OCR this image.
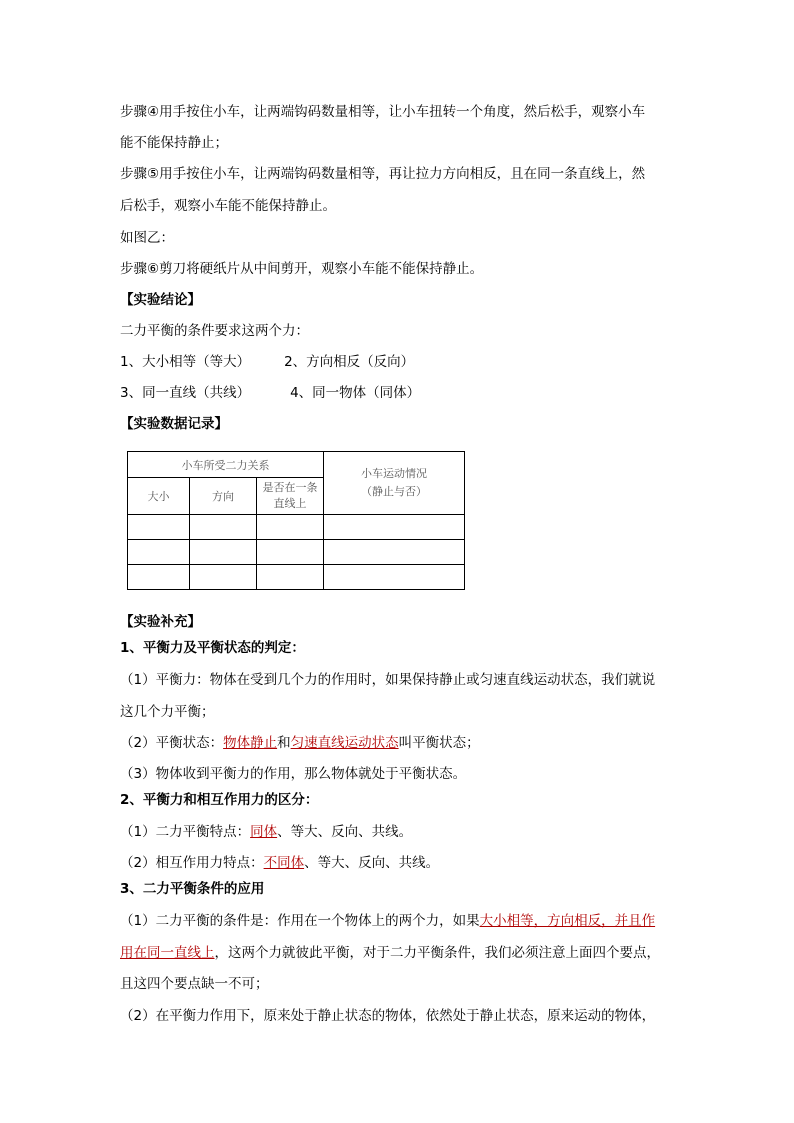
步骤④用手按住小车，让两端钩码数量相等，让小车扭转一个角度，然后松手，观察小车
能不能保持静止；
步骤⑤用手按住小车，让两端钩码数量相等，再让拉力方向相反，且在同一条直线上，然
后松手，观察小车能不能保持静止。
如图乙：
步骤⑥剪刀将硬纸片从中间剪开，观察小车能不能保持静止。
【实验结论】
二力平衡的条件要求这两个力：
1、大小相等（等大）	2、方向相反（反向）
3、同一直线（共线）	4、同一物体（同体）
【实验数据记录】
小车所受二力关系			小车运动情况
（静止与否）
大小	方向	是否在一条
直线上	

【实验补充】
1、平衡力及平衡状态的判定：
（1）平衡力：物体在受到几个力的作用时，如果保持静止或匀速直线运动状态，我们就说
这几个力平衡；
（2）平衡状态：物体静止和匀速直线运动状态叫平衡状态；
（3）物体收到平衡力的作用，那么物体就处于平衡状态。
2、平衡力和相互作用力的区分：
（1）二力平衡特点：同体、等大、反向、共线。
（2）相互作用力特点：不同体、等大、反向、共线。
3、二力平衡条件的应用
（1）二力平衡的条件是：作用在一个物体上的两个力，如果大小相等，方向相反，并且作
用在同一直线上，这两个力就彼此平衡，对于二力平衡条件，我们必须注意上面四个要点，
且这四个要点缺一不可；
（2）在平衡力作用下，原来处于静止状态的物体，依然处于静止状态，原来运动的物体，
